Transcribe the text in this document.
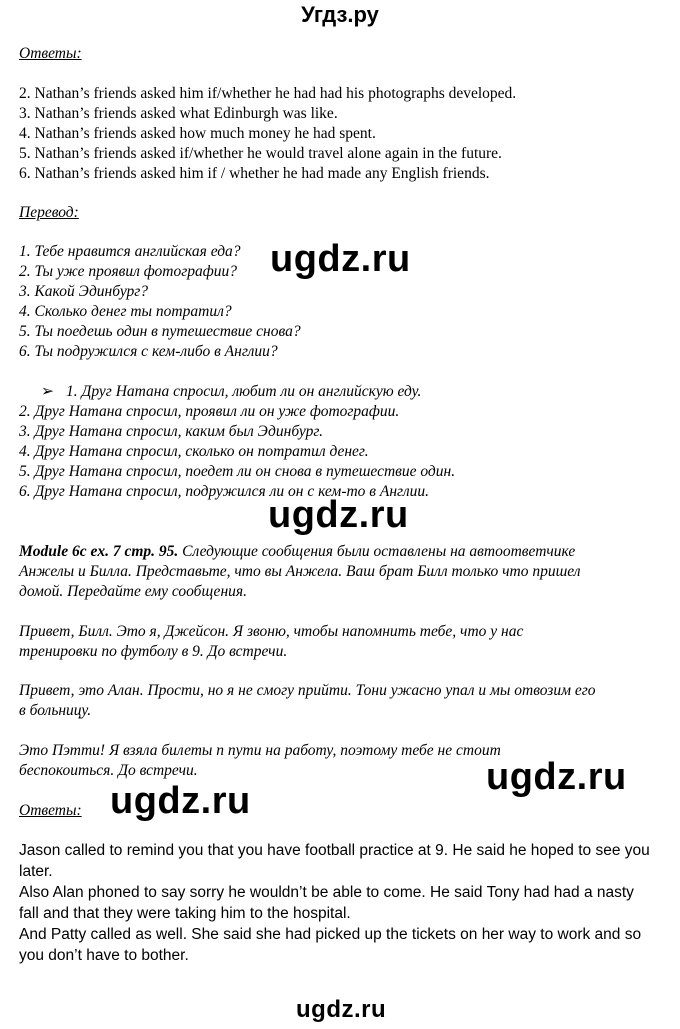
Угдз.ру
Ответы:
2. Nathan’s friends asked him if/whether he had had his photographs developed.
3. Nathan’s friends asked what Edinburgh was like.
4. Nathan’s friends asked how much money he had spent.
5. Nathan’s friends asked if/whether he would travel alone again in the future.
6. Nathan’s friends asked him if / whether he had made any English friends.
Перевод:
1. Тебе нравится английская еда?
2. Ты уже проявил фотографии?
3. Какой Эдинбург?
4. Сколько денег ты потратил?
5. Ты поедешь один в путешествие снова?
6. Ты подружился с кем-либо в Англии?
➢ 1. Друг Натана спросил, любит ли он английскую еду.
2. Друг Натана спросил, проявил ли он уже фотографии.
3. Друг Натана спросил, каким был Эдинбург.
4. Друг Натана спросил, сколько он потратил денег.
5. Друг Натана спросил, поедет ли он снова в путешествие один.
6. Друг Натана спросил, подружился ли он с кем-то в Англии.
Module 6c ex. 7 стр. 95. Следующие сообщения были оставлены на автоответчике
Анжелы и Билла. Представьте, что вы Анжела. Ваш брат Билл только что пришел
домой. Передайте ему сообщения.
Привет, Билл. Это я, Джейсон. Я звоню, чтобы напомнить тебе, что у нас
тренировки по футболу в 9. До встречи.
Привет, это Алан. Прости, но я не смогу прийти. Тони ужасно упал и мы отвозим его
в больницу.
Это Пэтти! Я взяла билеты п пути на работу, поэтому тебе не стоит
беспокоиться. До встречи.
Ответы:
Jason called to remind you that you have football practice at 9. He said he hoped to see you
later.
Also Alan phoned to say sorry he wouldn’t be able to come. He said Tony had had a nasty
fall and that they were taking him to the hospital.
And Patty called as well. She said she had picked up the tickets on her way to work and so
you don’t have to bother.
ugdz.ru
ugdz.ru
ugdz.ru
ugdz.ru
ugdz.ru
